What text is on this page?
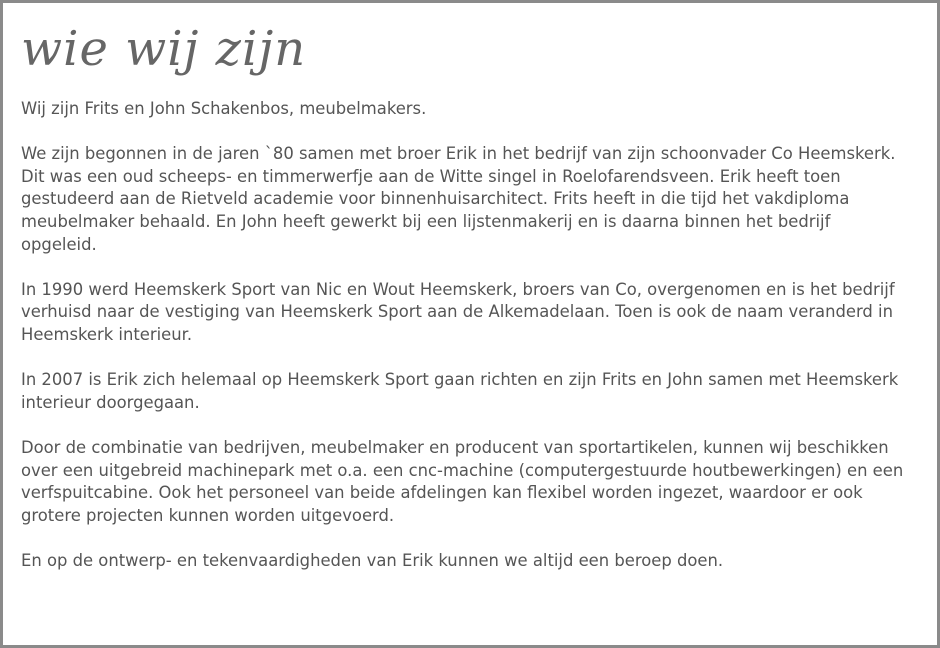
wie wij zijn

Wij zijn Frits en John Schakenbos, meubelmakers.

We zijn begonnen in de jaren `80 samen met broer Erik in het bedrijf van zijn schoonvader Co Heemskerk. Dit was een oud scheeps- en timmerwerfje aan de Witte singel in Roelofarendsveen. Erik heeft toen gestudeerd aan de Rietveld academie voor binnenhuisarchitect. Frits heeft in die tijd het vakdiploma meubelmaker behaald. En John heeft gewerkt bij een lijstenmakerij en is daarna binnen het bedrijf opgeleid.

In 1990 werd Heemskerk Sport van Nic en Wout Heemskerk, broers van Co, overgenomen en is het bedrijf verhuisd naar de vestiging van Heemskerk Sport aan de Alkemadelaan. Toen is ook de naam veranderd in Heemskerk interieur.

In 2007 is Erik zich helemaal op Heemskerk Sport gaan richten en zijn Frits en John samen met Heemskerk interieur doorgegaan.

Door de combinatie van bedrijven, meubelmaker en producent van sportartikelen, kunnen wij beschikken over een uitgebreid machinepark met o.a. een cnc-machine (computergestuurde houtbewerkingen) en een verfspuitcabine. Ook het personeel van beide afdelingen kan flexibel worden ingezet, waardoor er ook grotere projecten kunnen worden uitgevoerd.

En op de ontwerp- en tekenvaardigheden van Erik kunnen we altijd een beroep doen.
